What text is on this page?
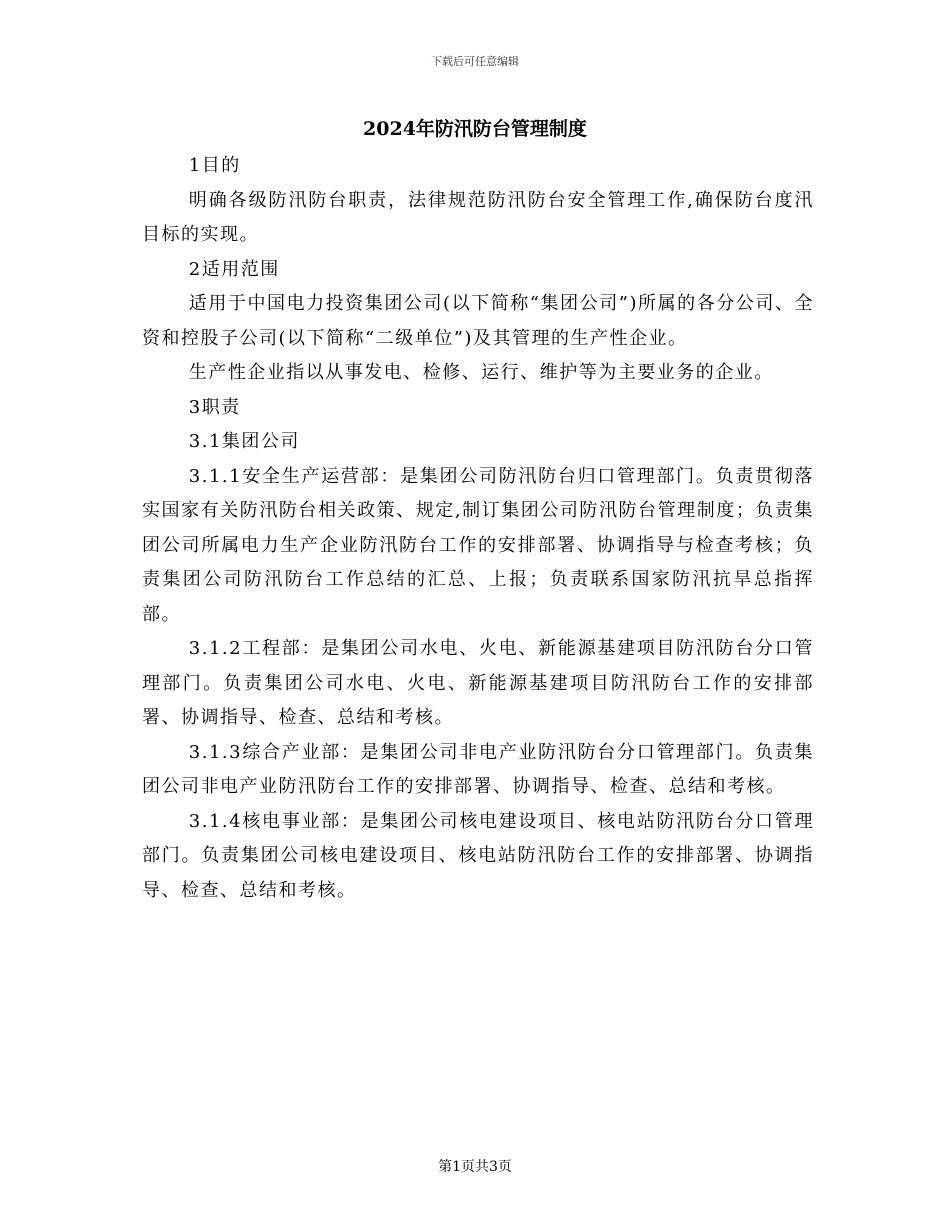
下载后可任意编辑
2024年防汛防台管理制度

1目的

明确各级防汛防台职责，法律规范防汛防台安全管理工作,确保防台度汛目标的实现。

2适用范围

适用于中国电力投资集团公司(以下简称“集团公司”)所属的各分公司、全资和控股子公司(以下简称“二级单位”)及其管理的生产性企业。

生产性企业指以从事发电、检修、运行、维护等为主要业务的企业。

3职责

3.1集团公司

3.1.1安全生产运营部：是集团公司防汛防台归口管理部门。负责贯彻落实国家有关防汛防台相关政策、规定,制订集团公司防汛防台管理制度；负责集团公司所属电力生产企业防汛防台工作的安排部署、协调指导与检查考核；负责集团公司防汛防台工作总结的汇总、上报；负责联系国家防汛抗旱总指挥部。

3.1.2工程部：是集团公司水电、火电、新能源基建项目防汛防台分口管理部门。负责集团公司水电、火电、新能源基建项目防汛防台工作的安排部署、协调指导、检查、总结和考核。

3.1.3综合产业部：是集团公司非电产业防汛防台分口管理部门。负责集团公司非电产业防汛防台工作的安排部署、协调指导、检查、总结和考核。

3.1.4核电事业部：是集团公司核电建设项目、核电站防汛防台分口管理部门。负责集团公司核电建设项目、核电站防汛防台工作的安排部署、协调指导、检查、总结和考核。

第1页共3页
